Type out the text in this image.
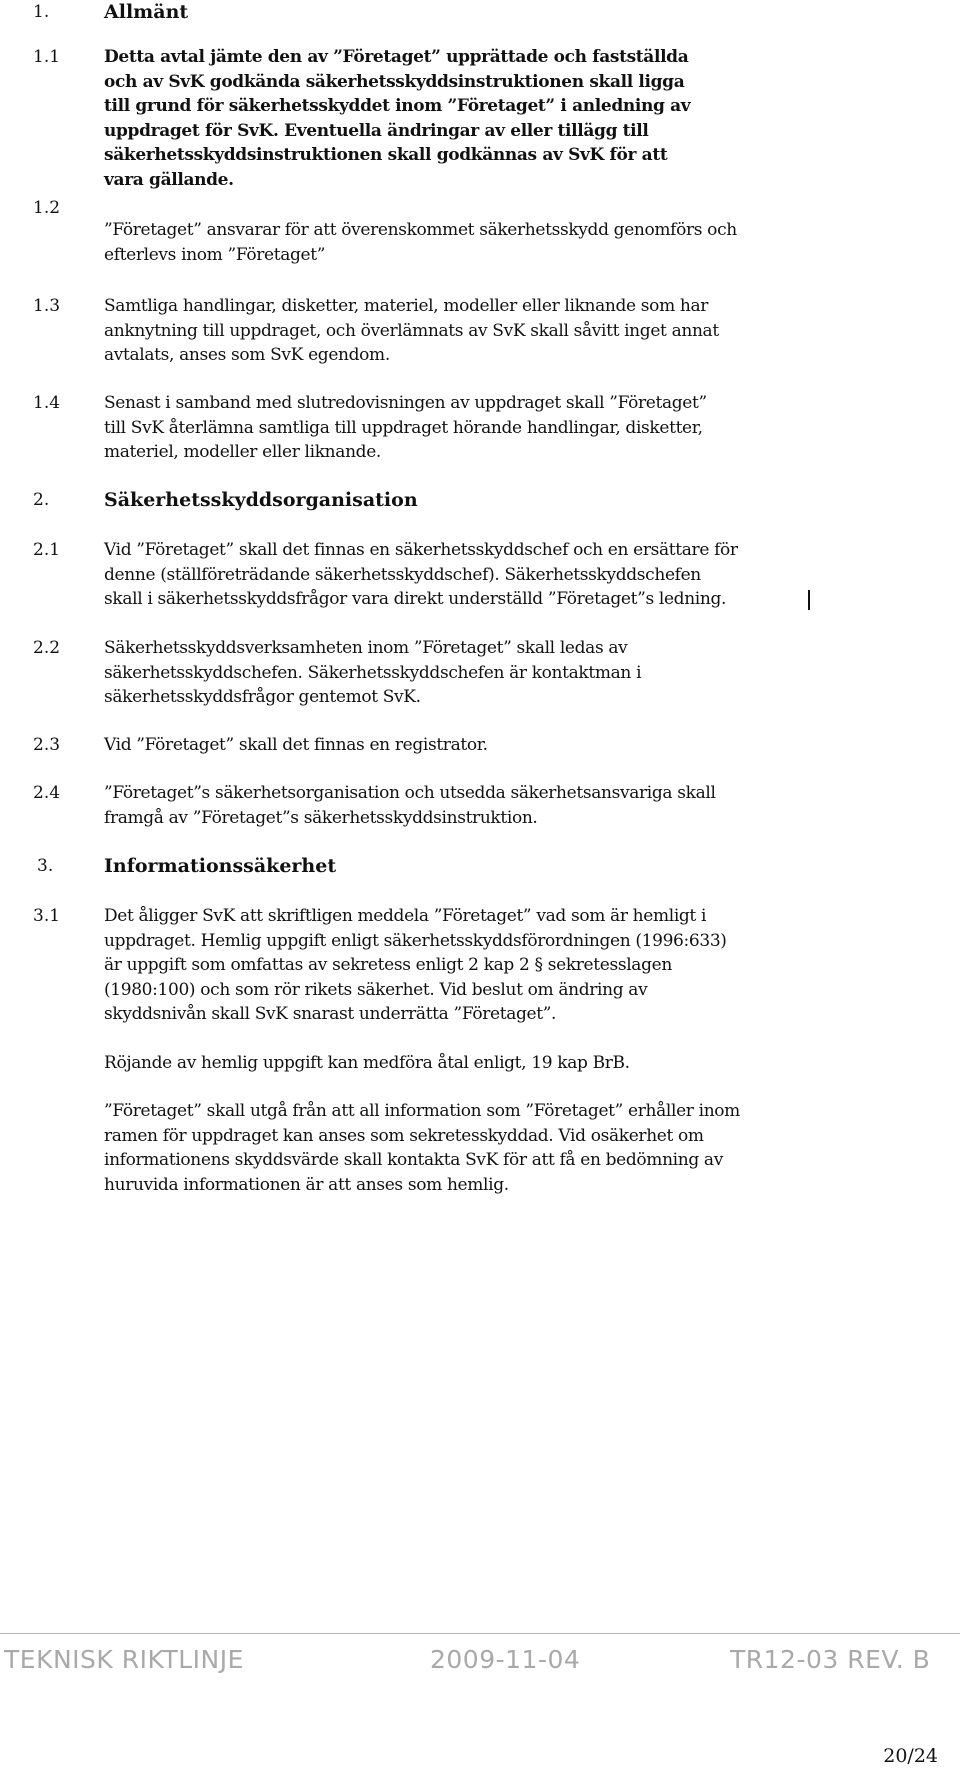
1.	Allmänt
1.1	Detta avtal jämte den av ”Företaget” upprättade och fastställda
och av SvK godkända säkerhetsskyddsinstruktionen skall ligga
till grund för säkerhetsskyddet inom ”Företaget” i anledning av
uppdraget för SvK. Eventuella ändringar av eller tillägg till
säkerhetsskyddsinstruktionen skall godkännas av SvK för att
vara gällande.
1.2
”Företaget” ansvarar för att överenskommet säkerhetsskydd genomförs och
efterlevs inom ”Företaget”
1.3	Samtliga handlingar, disketter, materiel, modeller eller liknande som har
anknytning till uppdraget, och överlämnats av SvK skall såvitt inget annat
avtalats, anses som SvK egendom.
1.4	Senast i samband med slutredovisningen av uppdraget skall ”Företaget”
till SvK återlämna samtliga till uppdraget hörande handlingar, disketter,
materiel, modeller eller liknande.
2.	Säkerhetsskyddsorganisation
2.1	Vid ”Företaget” skall det finnas en säkerhetsskyddschef och en ersättare för
denne (ställföreträdande säkerhetsskyddschef). Säkerhetsskyddschefen
skall i säkerhetsskyddsfrågor vara direkt underställd ”Företaget”s ledning.
2.2	Säkerhetsskyddsverksamheten inom ”Företaget” skall ledas av
säkerhetsskyddschefen. Säkerhetsskyddschefen är kontaktman i
säkerhetsskyddsfrågor gentemot SvK.
2.3	Vid ”Företaget” skall det finnas en registrator.
2.4	”Företaget”s säkerhetsorganisation och utsedda säkerhetsansvariga skall
framgå av ”Företaget”s säkerhetsskyddsinstruktion.
3.	Informationssäkerhet
3.1	Det åligger SvK att skriftligen meddela ”Företaget” vad som är hemligt i
uppdraget. Hemlig uppgift enligt säkerhetsskyddsförordningen (1996:633)
är uppgift som omfattas av sekretess enligt 2 kap 2 § sekretesslagen
(1980:100) och som rör rikets säkerhet. Vid beslut om ändring av
skyddsnivån skall SvK snarast underrätta ”Företaget”.
Röjande av hemlig uppgift kan medföra åtal enligt, 19 kap BrB.
”Företaget” skall utgå från att all information som ”Företaget” erhåller inom
ramen för uppdraget kan anses som sekretesskyddad. Vid osäkerhet om
informationens skyddsvärde skall kontakta SvK för att få en bedömning av
huruvida informationen är att anses som hemlig.
TEKNISK RIKTLINJE	2009-11-04	TR12-03 REV. B
20/24
